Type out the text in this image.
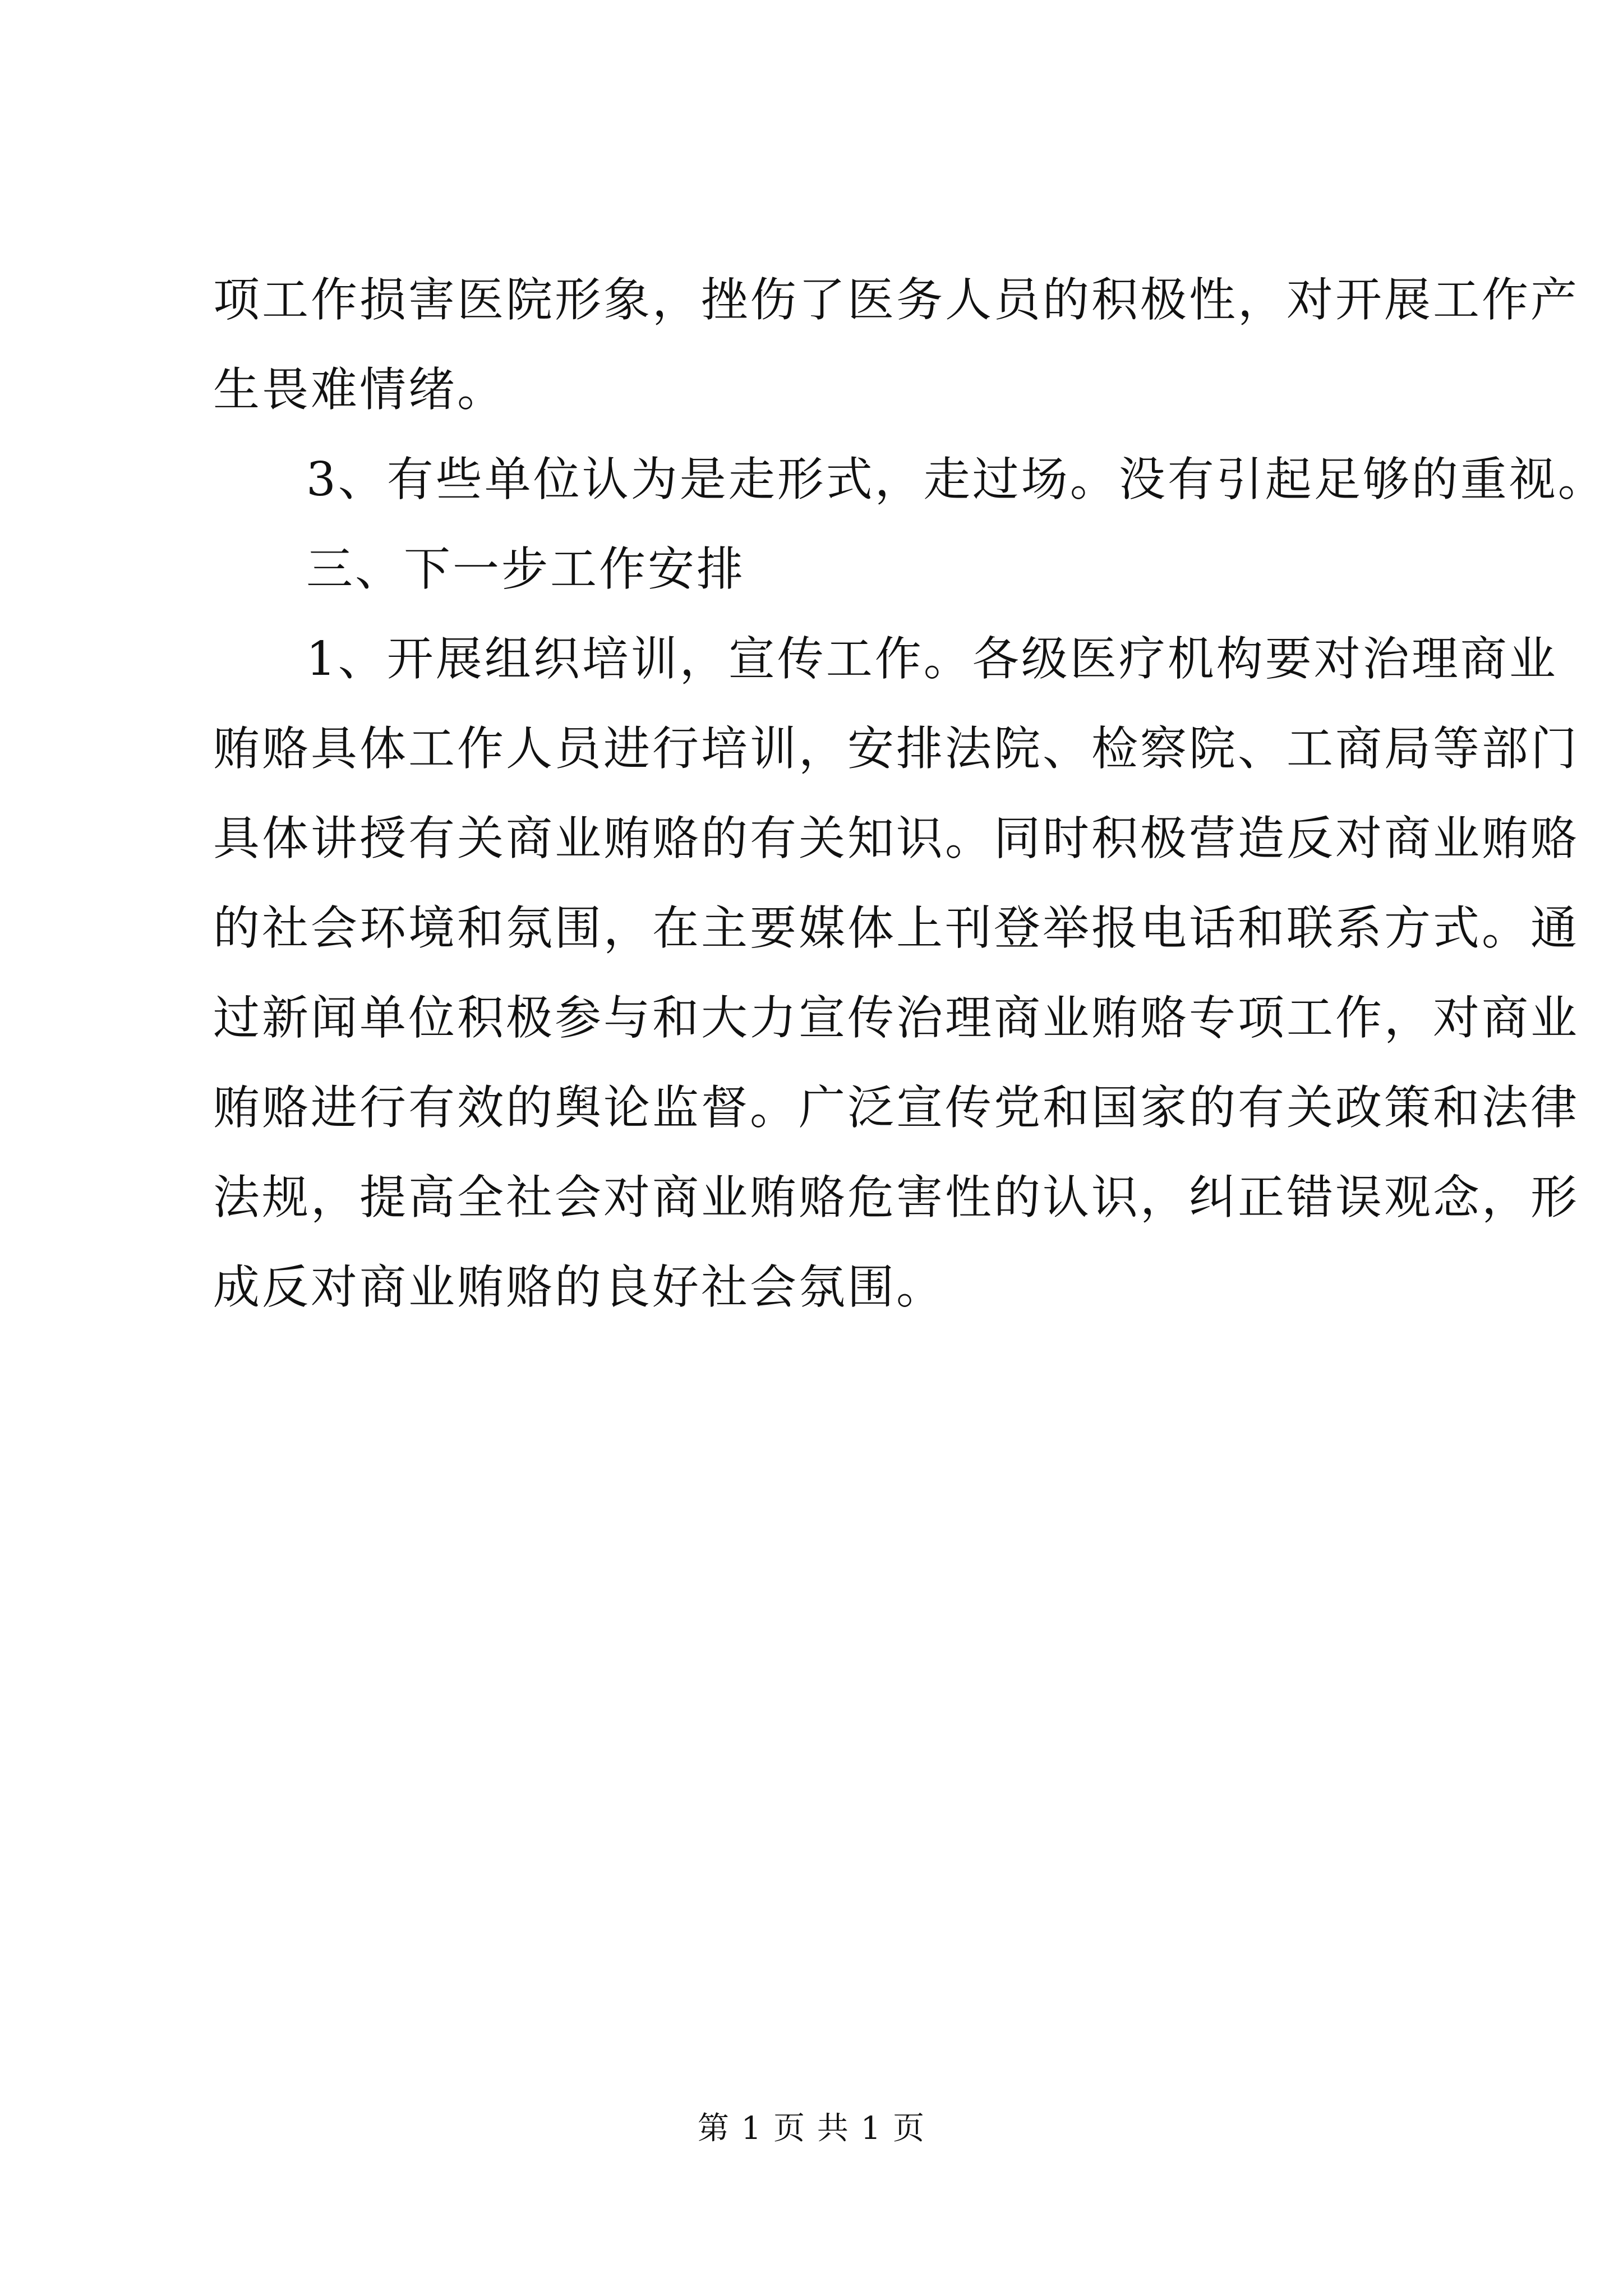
项工作损害医院形象，挫伤了医务人员的积极性，对开展工作产
生畏难情绪。
3、有些单位认为是走形式，走过场。没有引起足够的重视。
三、下一步工作安排
1、开展组织培训，宣传工作。各级医疗机构要对治理商业
贿赂具体工作人员进行培训，安排法院、检察院、工商局等部门
具体讲授有关商业贿赂的有关知识。同时积极营造反对商业贿赂
的社会环境和氛围，在主要媒体上刊登举报电话和联系方式。通
过新闻单位积极参与和大力宣传治理商业贿赂专项工作，对商业
贿赂进行有效的舆论监督。广泛宣传党和国家的有关政策和法律
法规，提高全社会对商业贿赂危害性的认识，纠正错误观念，形
成反对商业贿赂的良好社会氛围。
第 1 页 共 1 页
